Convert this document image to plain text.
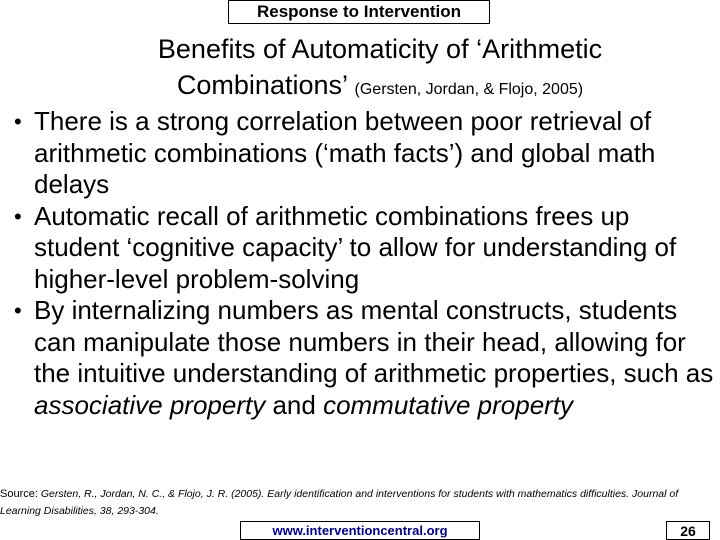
Response to Intervention
Benefits of Automaticity of ‘Arithmetic
Combinations’ (Gersten, Jordan, & Flojo, 2005)
• There is a strong correlation between poor retrieval of arithmetic combinations (‘math facts’) and global math delays
• Automatic recall of arithmetic combinations frees up student ‘cognitive capacity’ to allow for understanding of higher-level problem-solving
• By internalizing numbers as mental constructs, students can manipulate those numbers in their head, allowing for the intuitive understanding of arithmetic properties, such as associative property and commutative property
Source: Gersten, R., Jordan, N. C., & Flojo, J. R. (2005). Early identification and interventions for students with mathematics difficulties. Journal of Learning Disabilities, 38, 293-304.
www.interventioncentral.org	26
